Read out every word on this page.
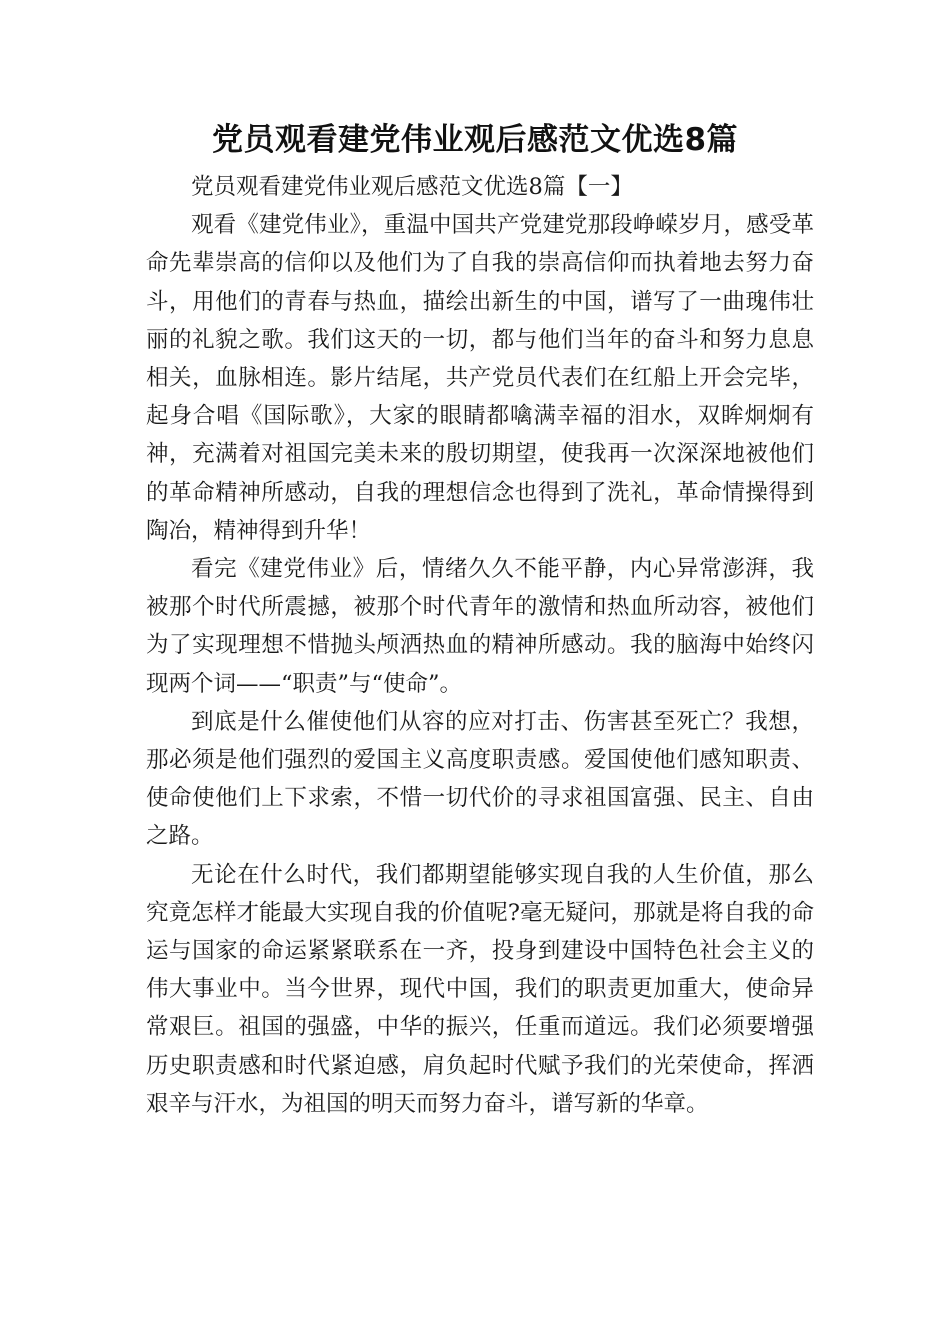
党员观看建党伟业观后感范文优选8篇

党员观看建党伟业观后感范文优选8篇【一】

观看《建党伟业》，重温中国共产党建党那段峥嵘岁月，感受革命先辈崇高的信仰以及他们为了自我的崇高信仰而执着地去努力奋斗，用他们的青春与热血，描绘出新生的中国，谱写了一曲瑰伟壮丽的礼貌之歌。我们这天的一切，都与他们当年的奋斗和努力息息相关，血脉相连。影片结尾，共产党员代表们在红船上开会完毕，起身合唱《国际歌》，大家的眼睛都噙满幸福的泪水，双眸炯炯有神，充满着对祖国完美未来的殷切期望，使我再一次深深地被他们的革命精神所感动，自我的理想信念也得到了洗礼，革命情操得到陶冶，精神得到升华！

看完《建党伟业》后，情绪久久不能平静，内心异常澎湃，我被那个时代所震撼，被那个时代青年的激情和热血所动容，被他们为了实现理想不惜抛头颅洒热血的精神所感动。我的脑海中始终闪现两个词——“职责”与“使命”。

到底是什么催使他们从容的应对打击、伤害甚至死亡？我想，那必须是他们强烈的爱国主义高度职责感。爱国使他们感知职责、使命使他们上下求索，不惜一切代价的寻求祖国富强、民主、自由之路。

无论在什么时代，我们都期望能够实现自我的人生价值，那么究竟怎样才能最大实现自我的价值呢?毫无疑问，那就是将自我的命运与国家的命运紧紧联系在一齐，投身到建设中国特色社会主义的伟大事业中。当今世界，现代中国，我们的职责更加重大，使命异常艰巨。祖国的强盛，中华的振兴，任重而道远。我们必须要增强历史职责感和时代紧迫感，肩负起时代赋予我们的光荣使命，挥洒艰辛与汗水，为祖国的明天而努力奋斗，谱写新的华章。
